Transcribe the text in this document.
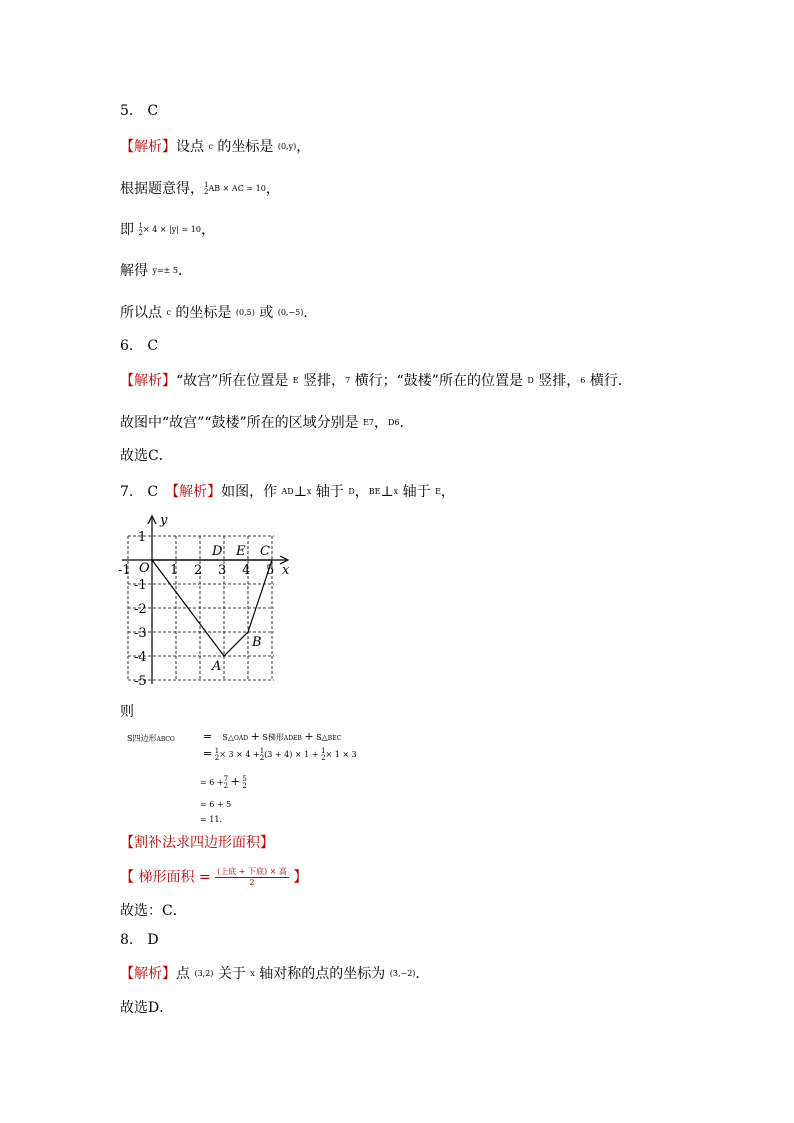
5.　C
【解析】设点 c 的坐标是 (0,y)，
根据题意得， 1
2 AB × AC = 10，
即 1
2 × 4 × |y| = 10，
解得 y=± 5．
所以点 c 的坐标是 (0,5) 或 (0,−5)．
6.　C
【解析】“故宫”所在位置是 E 竖排，7 横行；“鼓楼”所在的位置是 D 竖排，6 横行．
故图中“故宫”“鼓楼”所在的区域分别是 E7，D6．
故选C．
7.　C　 【解析】如图，作 AD⊥x 轴于 D，BE⊥x 轴于 E，
y
x
O
D E C
A
B
-1	1 2 3 4 5
1
-1
-2
-3
-4
-5
则
S四边形ABCO	= S△OAD + S梯形ADEB + S△BEC
= 1
2 × 3 × 4 + 1
2 (3 + 4) × 1 + 1
2 × 1 × 3
= 6 + 7
2 + 5
2
= 6 + 5
= 11.
【割补法求四边形面积】
【 梯形面积 = $\frac{\text{(上底 + 下底) × 高}}{2}$ 】
故选：C．
8.　D
【解析】点 (3,2) 关于 x 轴对称的点的坐标为 (3,−2)．
故选D．
